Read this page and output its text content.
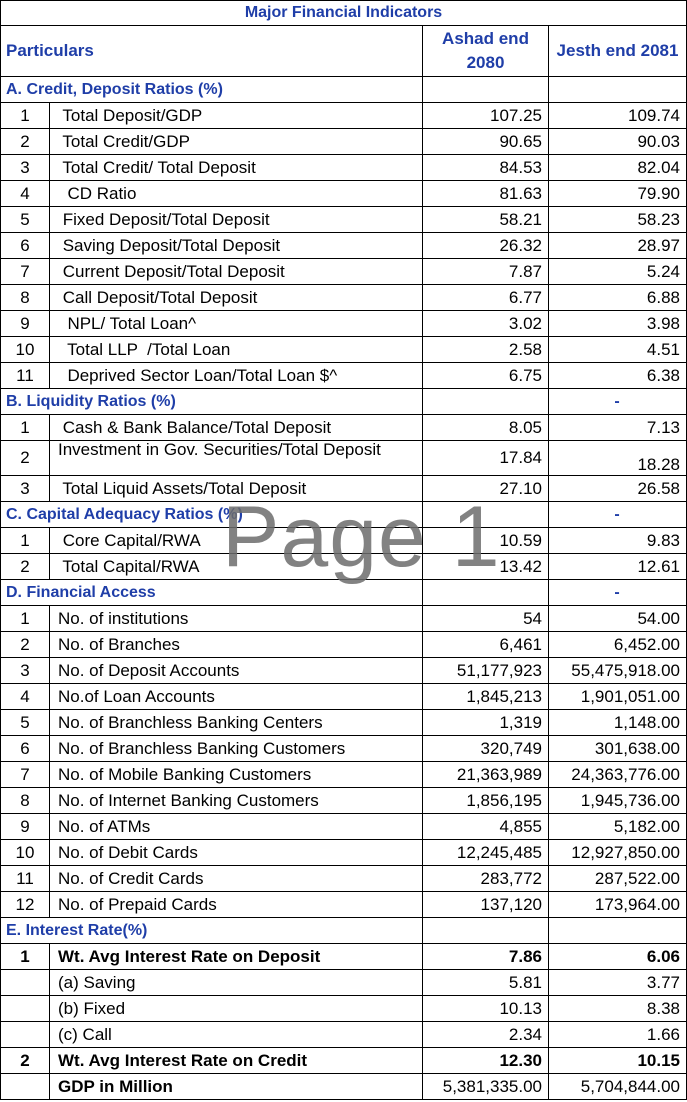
Major Financial Indicators			
Particulars		Ashad end 2080	Jesth end 2081
A. Credit, Deposit Ratios (%)			
1	Total Deposit/GDP	107.25	109.74
2	Total Credit/GDP	90.65	90.03
3	Total Credit/ Total Deposit	84.53	82.04
4	CD Ratio	81.63	79.90
5	Fixed Deposit/Total Deposit	58.21	58.23
6	Saving Deposit/Total Deposit	26.32	28.97
7	Current Deposit/Total Deposit	7.87	5.24
8	Call Deposit/Total Deposit	6.77	6.88
9	NPL/ Total Loan^	3.02	3.98
10	Total LLP  /Total Loan	2.58	4.51
11	Deprived Sector Loan/Total Loan $^	6.75	6.38
B. Liquidity Ratios (%)			-
1	Cash & Bank Balance/Total Deposit	8.05	7.13
2	Investment in Gov. Securities/Total Deposit	17.84	18.28
3	Total Liquid Assets/Total Deposit	27.10	26.58
C. Capital Adequacy Ratios (%)			-
1	Core Capital/RWA	10.59	9.83
2	Total Capital/RWA	13.42	12.61
D. Financial Access			-
1	No. of institutions	54	54.00
2	No. of Branches	6,461	6,452.00
3	No. of Deposit Accounts	51,177,923	55,475,918.00
4	No.of Loan Accounts	1,845,213	1,901,051.00
5	No. of Branchless Banking Centers	1,319	1,148.00
6	No. of Branchless Banking Customers	320,749	301,638.00
7	No. of Mobile Banking Customers	21,363,989	24,363,776.00
8	No. of Internet Banking Customers	1,856,195	1,945,736.00
9	No. of ATMs	4,855	5,182.00
10	No. of Debit Cards	12,245,485	12,927,850.00
11	No. of Credit Cards	283,772	287,522.00
12	No. of Prepaid Cards	137,120	173,964.00
E. Interest Rate(%)			
1	Wt. Avg Interest Rate on Deposit	7.86	6.06
	(a) Saving	5.81	3.77
	(b) Fixed	10.13	8.38
	(c) Call	2.34	1.66
2	Wt. Avg Interest Rate on Credit	12.30	10.15
	GDP in Million	5,381,335.00	5,704,844.00
Page 1
